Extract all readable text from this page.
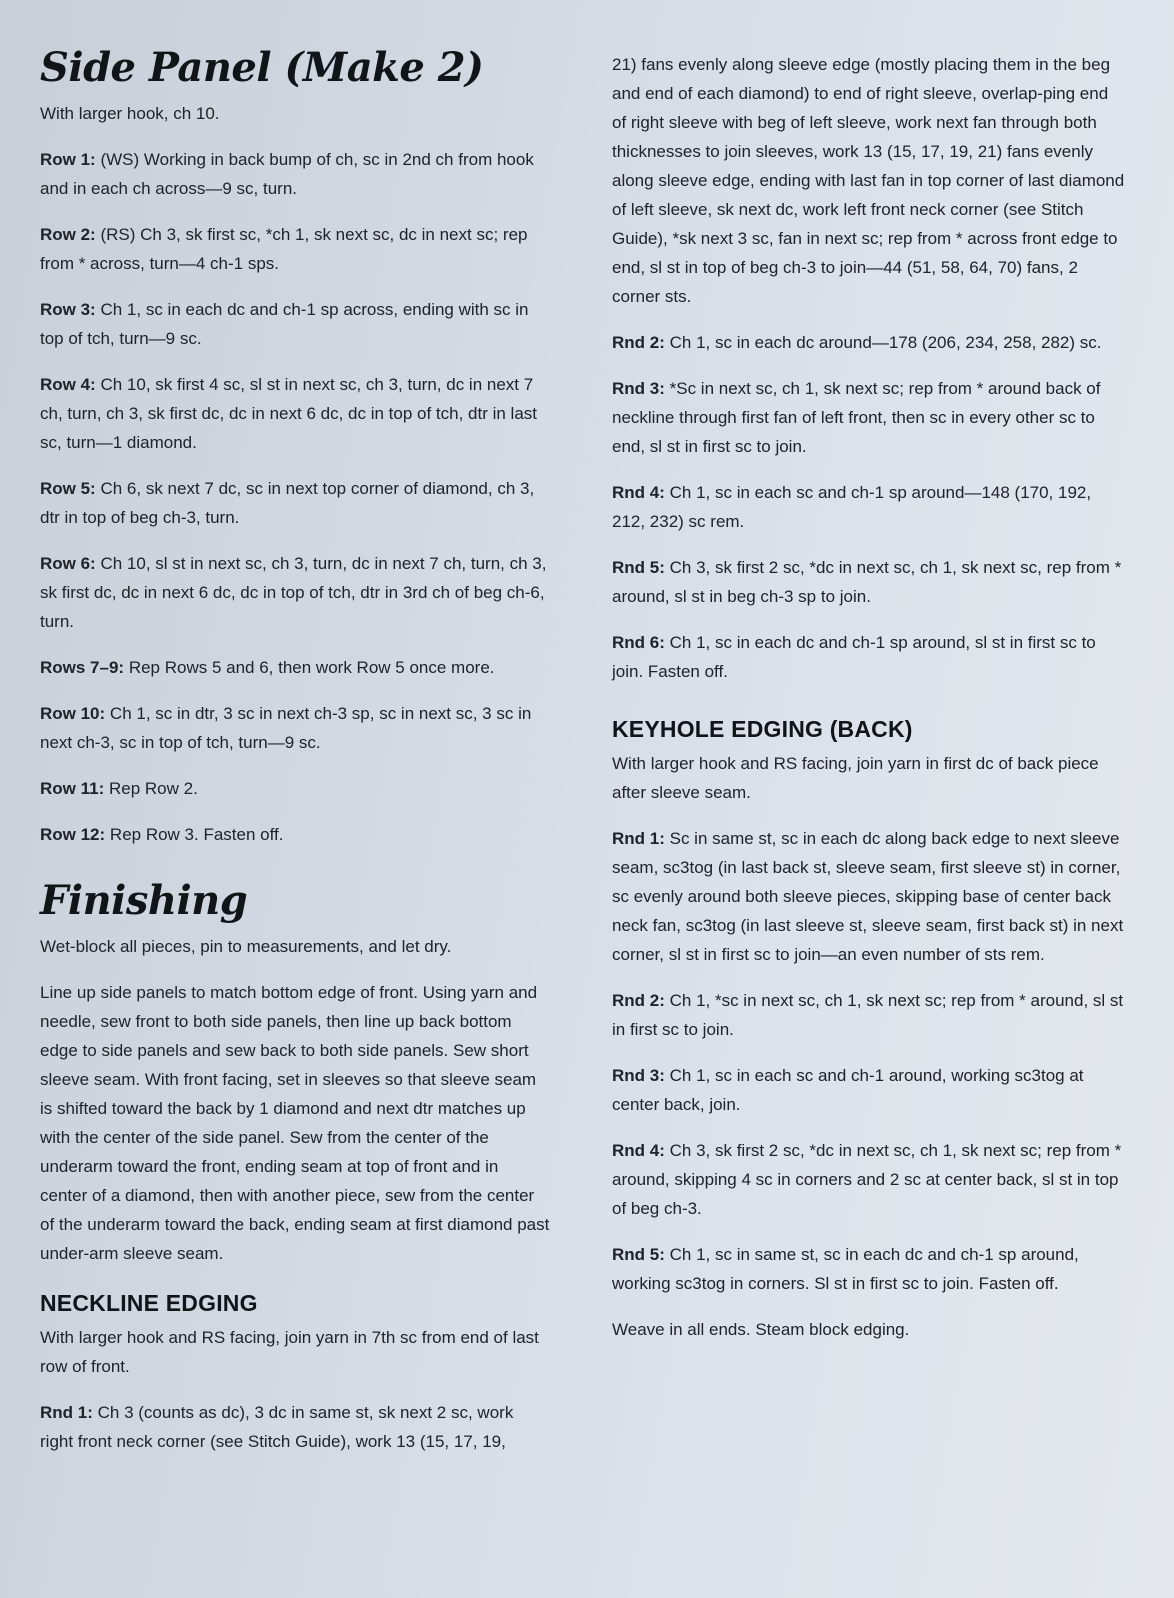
Side Panel (Make 2)

With larger hook, ch 10.

Row 1: (WS) Working in back bump of ch, sc in 2nd ch from hook and in each ch across—9 sc, turn.

Row 2: (RS) Ch 3, sk first sc, *ch 1, sk next sc, dc in next sc; rep from * across, turn—4 ch-1 sps.

Row 3: Ch 1, sc in each dc and ch-1 sp across, ending with sc in top of tch, turn—9 sc.

Row 4: Ch 10, sk first 4 sc, sl st in next sc, ch 3, turn, dc in next 7 ch, turn, ch 3, sk first dc, dc in next 6 dc, dc in top of tch, dtr in last sc, turn—1 diamond.

Row 5: Ch 6, sk next 7 dc, sc in next top corner of diamond, ch 3, dtr in top of beg ch-3, turn.

Row 6: Ch 10, sl st in next sc, ch 3, turn, dc in next 7 ch, turn, ch 3, sk first dc, dc in next 6 dc, dc in top of tch, dtr in 3rd ch of beg ch-6, turn.

Rows 7–9: Rep Rows 5 and 6, then work Row 5 once more.

Row 10: Ch 1, sc in dtr, 3 sc in next ch-3 sp, sc in next sc, 3 sc in next ch-3, sc in top of tch, turn—9 sc.

Row 11: Rep Row 2.

Row 12: Rep Row 3. Fasten off.

Finishing

Wet-block all pieces, pin to measurements, and let dry.

Line up side panels to match bottom edge of front. Using yarn and needle, sew front to both side panels, then line up back bottom edge to side panels and sew back to both side panels. Sew short sleeve seam. With front facing, set in sleeves so that sleeve seam is shifted toward the back by 1 diamond and next dtr matches up with the center of the side panel. Sew from the center of the underarm toward the front, ending seam at top of front and in center of a diamond, then with another piece, sew from the center of the underarm toward the back, ending seam at first diamond past under-arm sleeve seam.

NECKLINE EDGING

With larger hook and RS facing, join yarn in 7th sc from end of last row of front.

Rnd 1: Ch 3 (counts as dc), 3 dc in same st, sk next 2 sc, work right front neck corner (see Stitch Guide), work 13 (15, 17, 19,

21) fans evenly along sleeve edge (mostly placing them in the beg and end of each diamond) to end of right sleeve, overlap-ping end of right sleeve with beg of left sleeve, work next fan through both thicknesses to join sleeves, work 13 (15, 17, 19, 21) fans evenly along sleeve edge, ending with last fan in top corner of last diamond of left sleeve, sk next dc, work left front neck corner (see Stitch Guide), *sk next 3 sc, fan in next sc; rep from * across front edge to end, sl st in top of beg ch-3 to join—44 (51, 58, 64, 70) fans, 2 corner sts.

Rnd 2: Ch 1, sc in each dc around—178 (206, 234, 258, 282) sc.

Rnd 3: *Sc in next sc, ch 1, sk next sc; rep from * around back of neckline through first fan of left front, then sc in every other sc to end, sl st in first sc to join.

Rnd 4: Ch 1, sc in each sc and ch-1 sp around—148 (170, 192, 212, 232) sc rem.

Rnd 5: Ch 3, sk first 2 sc, *dc in next sc, ch 1, sk next sc, rep from * around, sl st in beg ch-3 sp to join.

Rnd 6: Ch 1, sc in each dc and ch-1 sp around, sl st in first sc to join. Fasten off.

KEYHOLE EDGING (BACK)

With larger hook and RS facing, join yarn in first dc of back piece after sleeve seam.

Rnd 1: Sc in same st, sc in each dc along back edge to next sleeve seam, sc3tog (in last back st, sleeve seam, first sleeve st) in corner, sc evenly around both sleeve pieces, skipping base of center back neck fan, sc3tog (in last sleeve st, sleeve seam, first back st) in next corner, sl st in first sc to join—an even number of sts rem.

Rnd 2: Ch 1, *sc in next sc, ch 1, sk next sc; rep from * around, sl st in first sc to join.

Rnd 3: Ch 1, sc in each sc and ch-1 around, working sc3tog at center back, join.

Rnd 4: Ch 3, sk first 2 sc, *dc in next sc, ch 1, sk next sc; rep from * around, skipping 4 sc in corners and 2 sc at center back, sl st in top of beg ch-3.

Rnd 5: Ch 1, sc in same st, sc in each dc and ch-1 sp around, working sc3tog in corners. Sl st in first sc to join. Fasten off.

Weave in all ends. Steam block edging.
